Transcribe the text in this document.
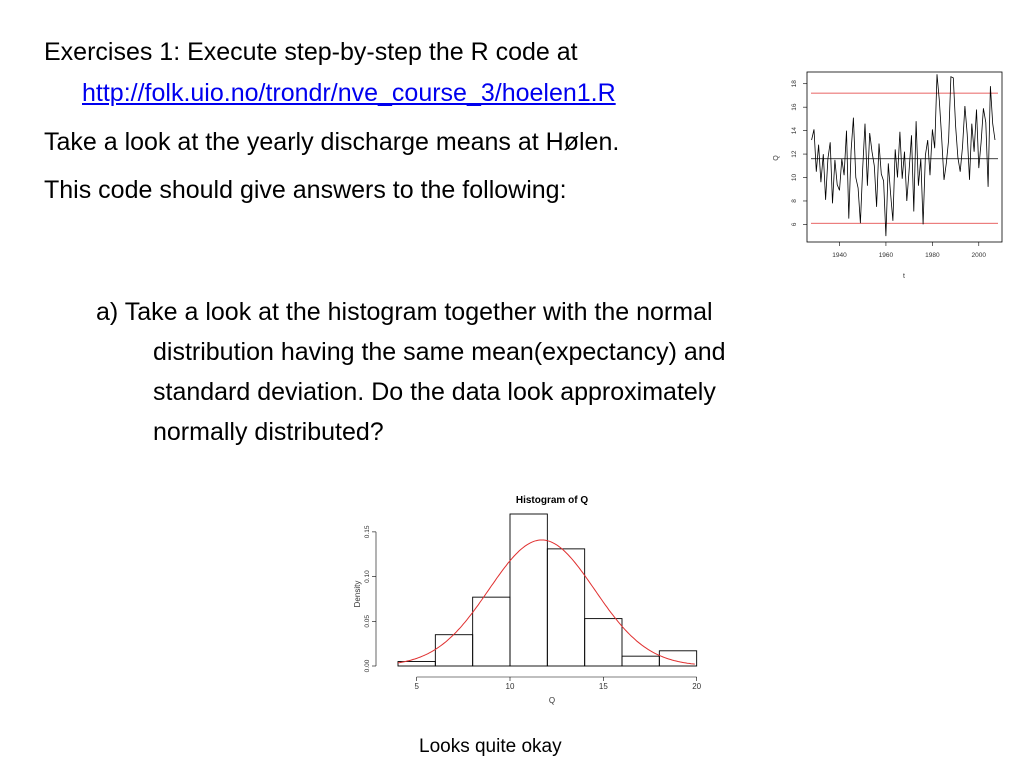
Exercises 1: Execute step-by-step the R code at
http://folk.uio.no/trondr/nve_course_3/hoelen1.R
Take a look at the yearly discharge means at Hølen.
This code should give answers to the following:
6
8
10
12
14
16
18
1940	1960	1980	2000
t
Q
a) Take a look at the histogram together with the normal
distribution having the same mean(expectancy) and
standard deviation. Do the data look approximately
normally distributed?
Histogram of Q
0.00
0.05
0.10
0.15
5	10	15	20
Q
Density
Looks quite okay
